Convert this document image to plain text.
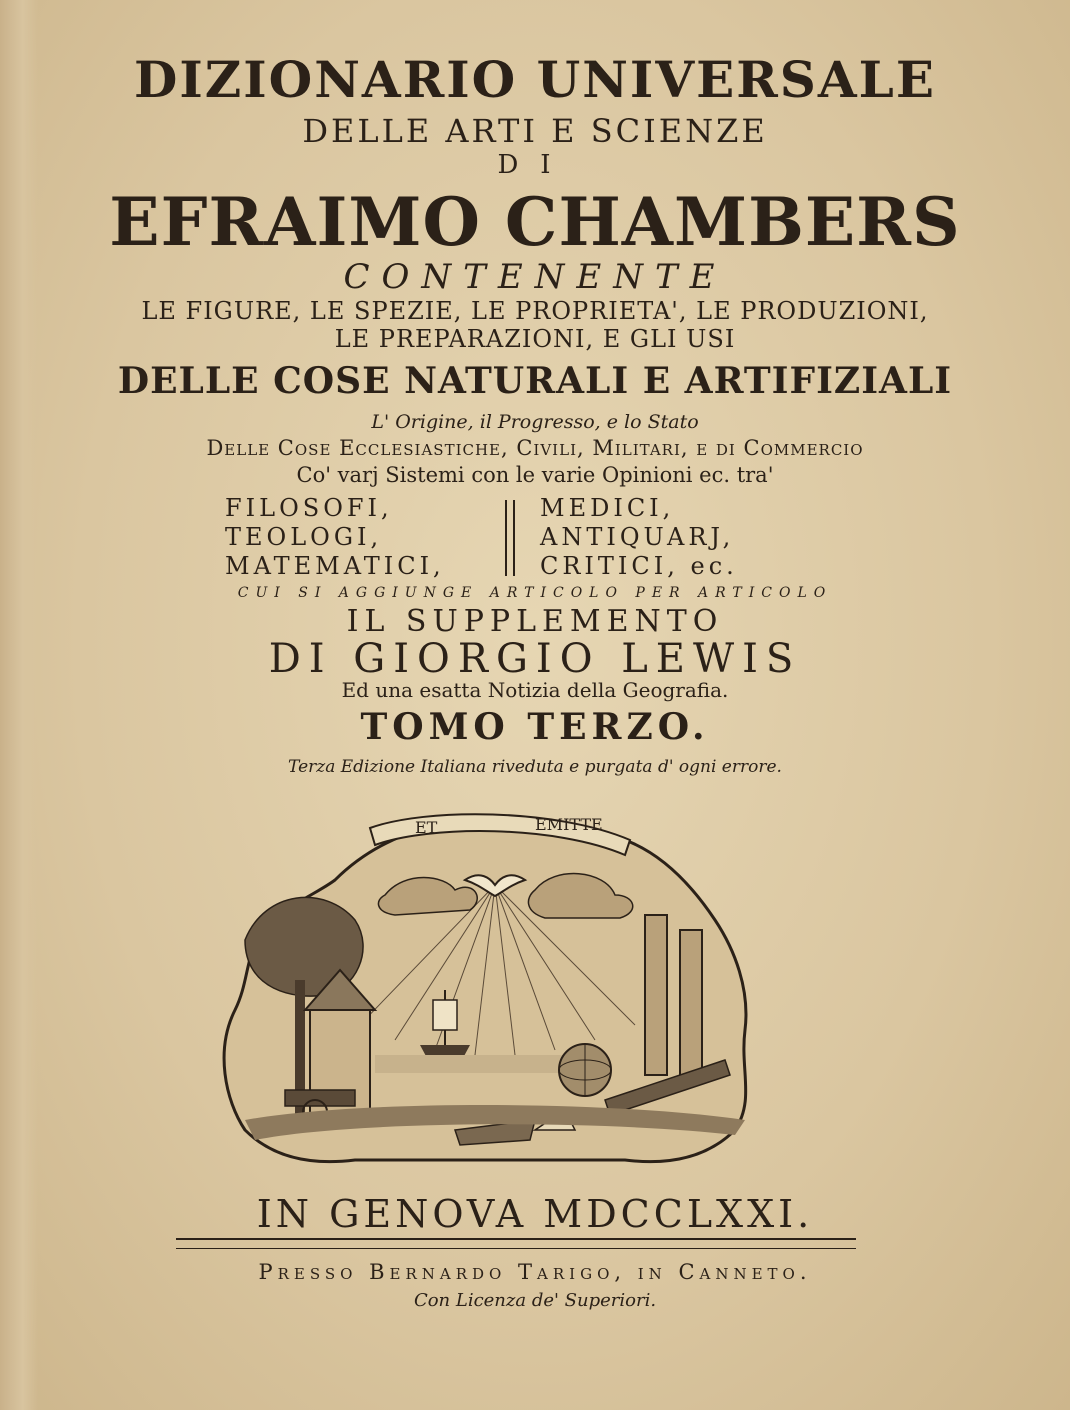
DIZIONARIO UNIVERSALE
DELLE ARTI E SCIENZE
DI
EFRAIMO CHAMBERS
CONTENENTE
LE FIGURE, LE SPEZIE, LE PROPRIETA', LE PRODUZIONI,
LE PREPARAZIONI, E GLI USI
DELLE COSE NATURALI E ARTIFIZIALI
L' Origine, il Progresso, e lo Stato
Delle Cose Ecclesiastiche, Civili, Militari, e di Commercio
Co' varj Sistemi con le varie Opinioni ec. tra'
FILOSOFI,
TEOLOGI,
MATEMATICI,
MEDICI,
ANTIQUARJ,
CRITICI, ec.
CUI SI AGGIUNGE ARTICOLO PER ARTICOLO
IL SUPPLEMENTO
DI GIORGIO LEWIS
Ed una esatta Notizia della Geografia.
TOMO TERZO.
Terza Edizione Italiana riveduta e purgata d' ogni errore.
ET	EMITTE
IN GENOVA MDCCLXXI.
Presso Bernardo Tarigo, in Canneto.
Con Licenza de' Superiori.
